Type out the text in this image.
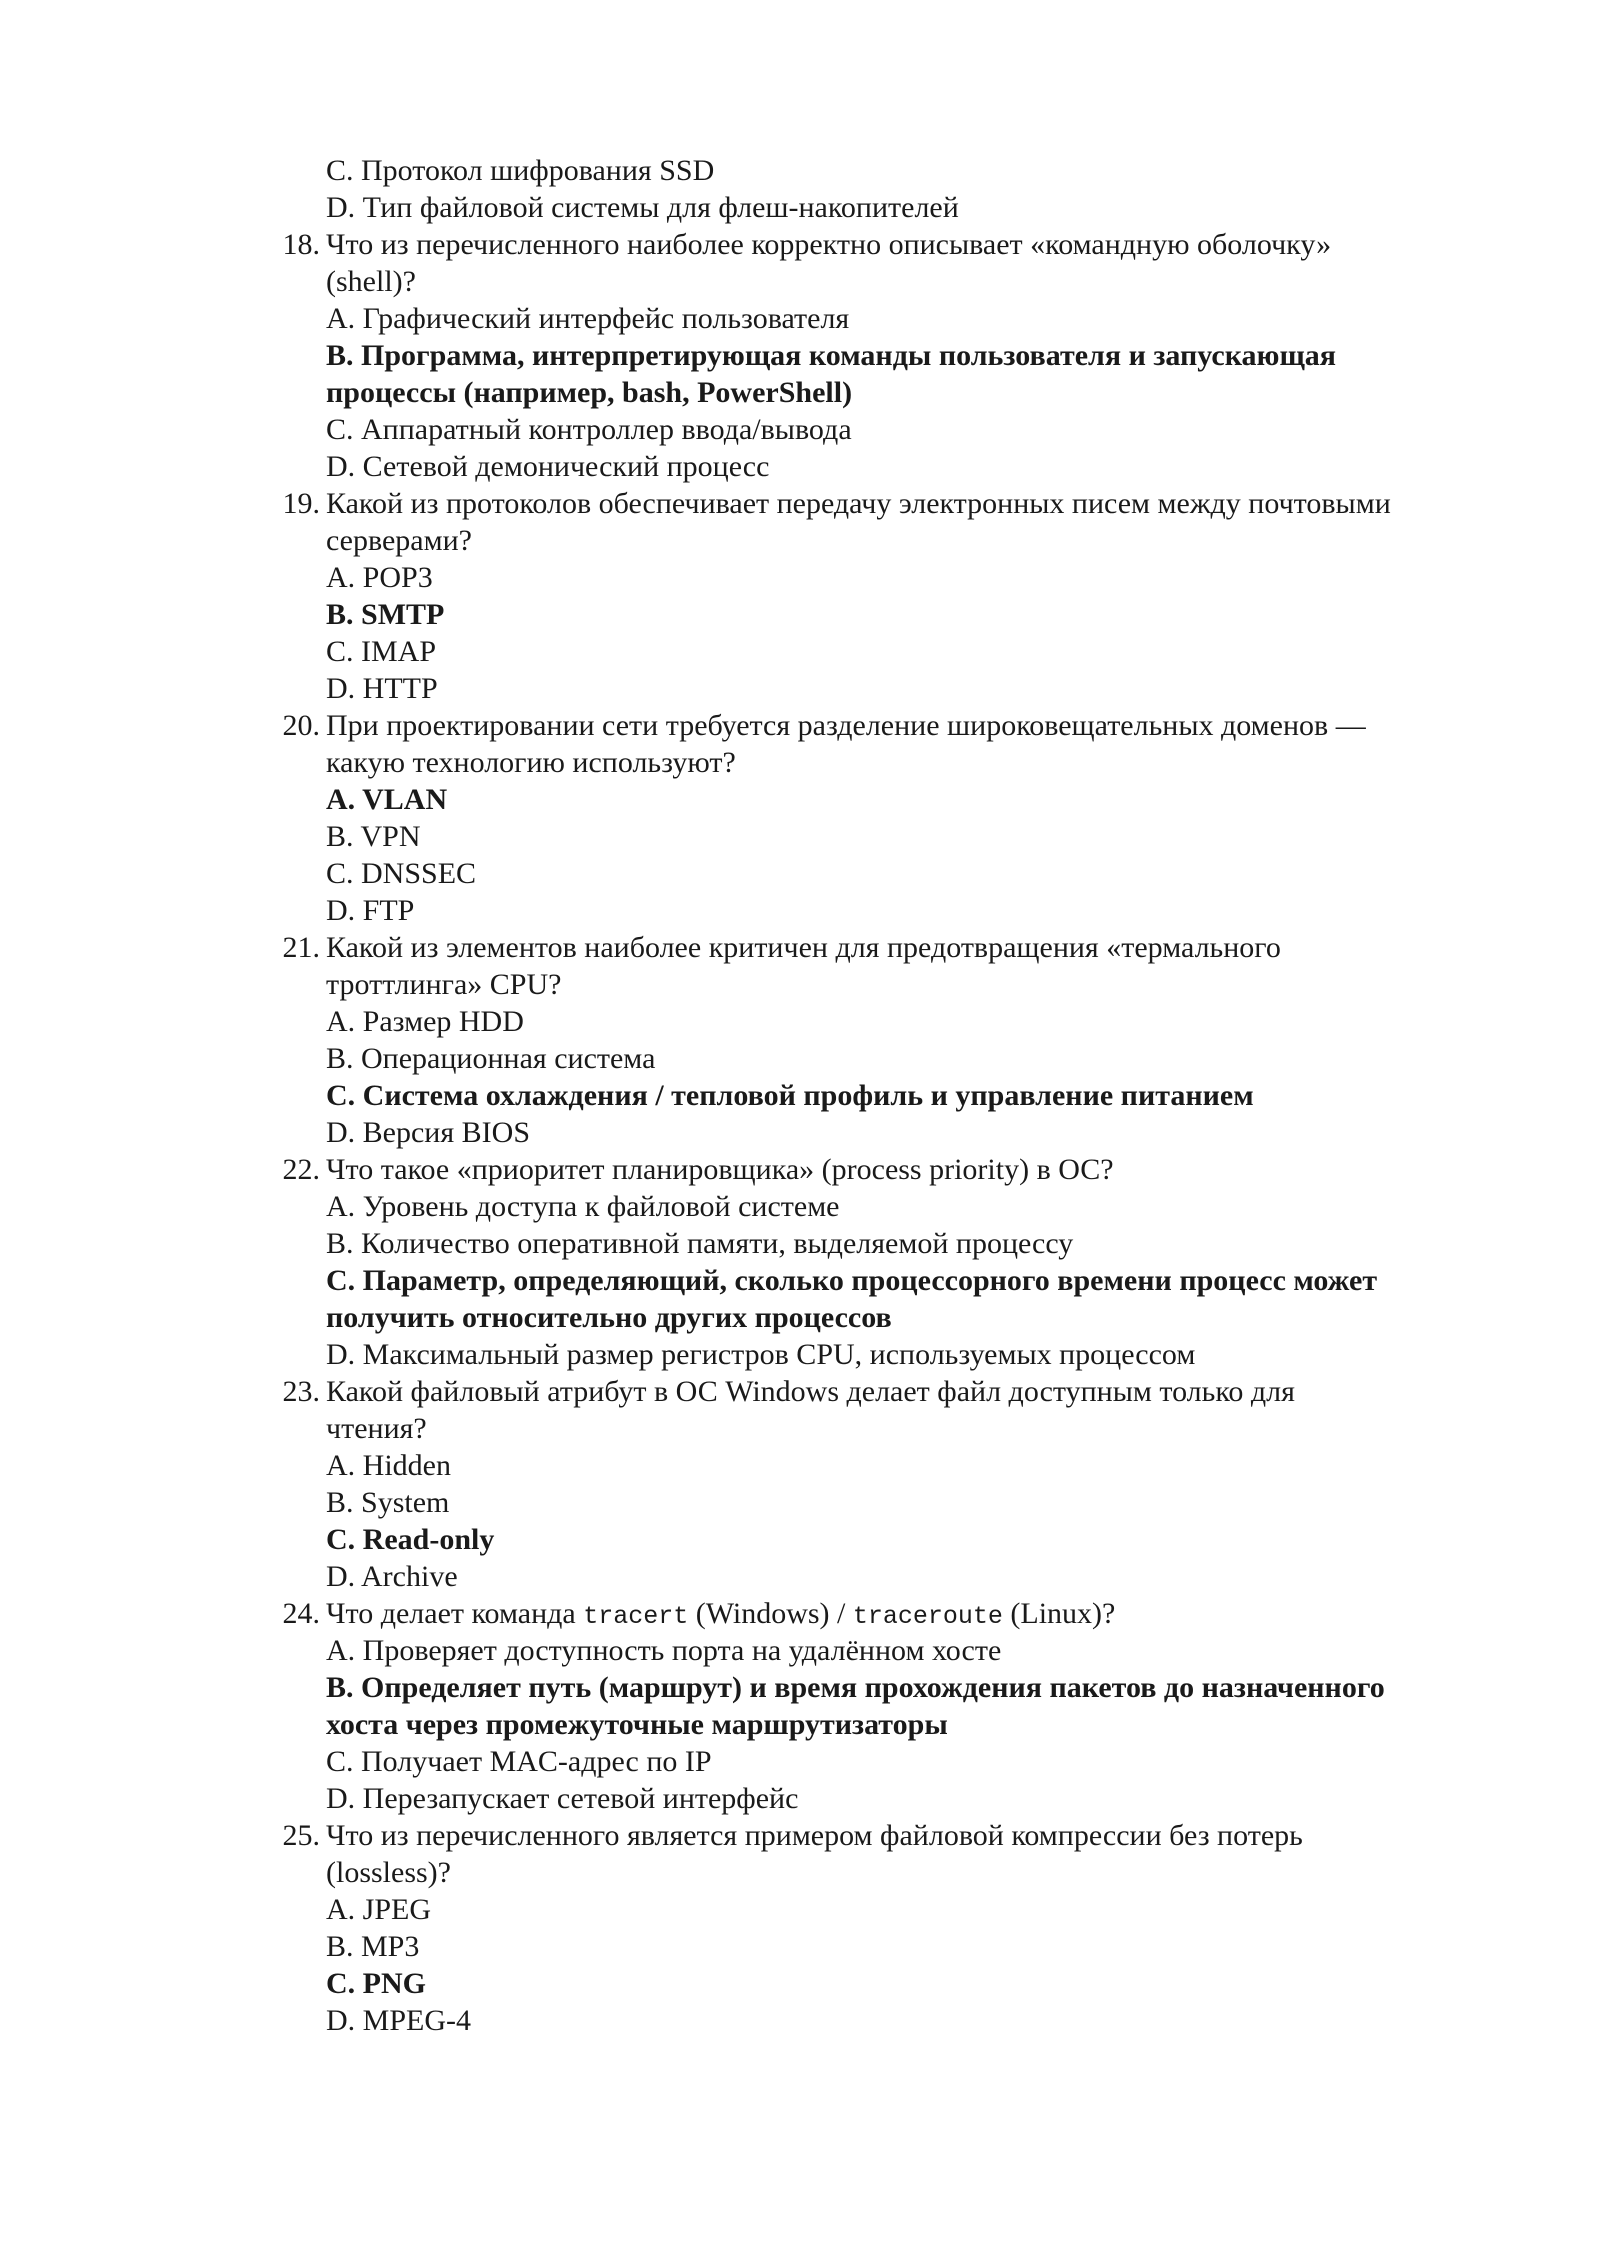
C. Протокол шифрования SSD
D. Тип файловой системы для флеш-накопителей
18. Что из перечисленного наиболее корректно описывает «командную оболочку»
(shell)?
A. Графический интерфейс пользователя
B. Программа, интерпретирующая команды пользователя и запускающая
процессы (например, bash, PowerShell)
C. Аппаратный контроллер ввода/вывода
D. Сетевой демонический процесс
19. Какой из протоколов обеспечивает передачу электронных писем между почтовыми
серверами?
A. POP3
B. SMTP
C. IMAP
D. HTTP
20. При проектировании сети требуется разделение широковещательных доменов —
какую технологию используют?
A. VLAN
B. VPN
C. DNSSEC
D. FTP
21. Какой из элементов наиболее критичен для предотвращения «термального
троттлинга» CPU?
A. Размер HDD
B. Операционная система
C. Система охлаждения / тепловой профиль и управление питанием
D. Версия BIOS
22. Что такое «приоритет планировщика» (process priority) в ОС?
A. Уровень доступа к файловой системе
B. Количество оперативной памяти, выделяемой процессу
C. Параметр, определяющий, сколько процессорного времени процесс может
получить относительно других процессов
D. Максимальный размер регистров CPU, используемых процессом
23. Какой файловый атрибут в ОС Windows делает файл доступным только для
чтения?
A. Hidden
B. System
C. Read-only
D. Archive
24. Что делает команда tracert (Windows) / traceroute (Linux)?
A. Проверяет доступность порта на удалённом хосте
B. Определяет путь (маршрут) и время прохождения пакетов до назначенного
хоста через промежуточные маршрутизаторы
C. Получает MAC-адрес по IP
D. Перезапускает сетевой интерфейс
25. Что из перечисленного является примером файловой компрессии без потерь
(lossless)?
A. JPEG
B. MP3
C. PNG
D. MPEG-4
